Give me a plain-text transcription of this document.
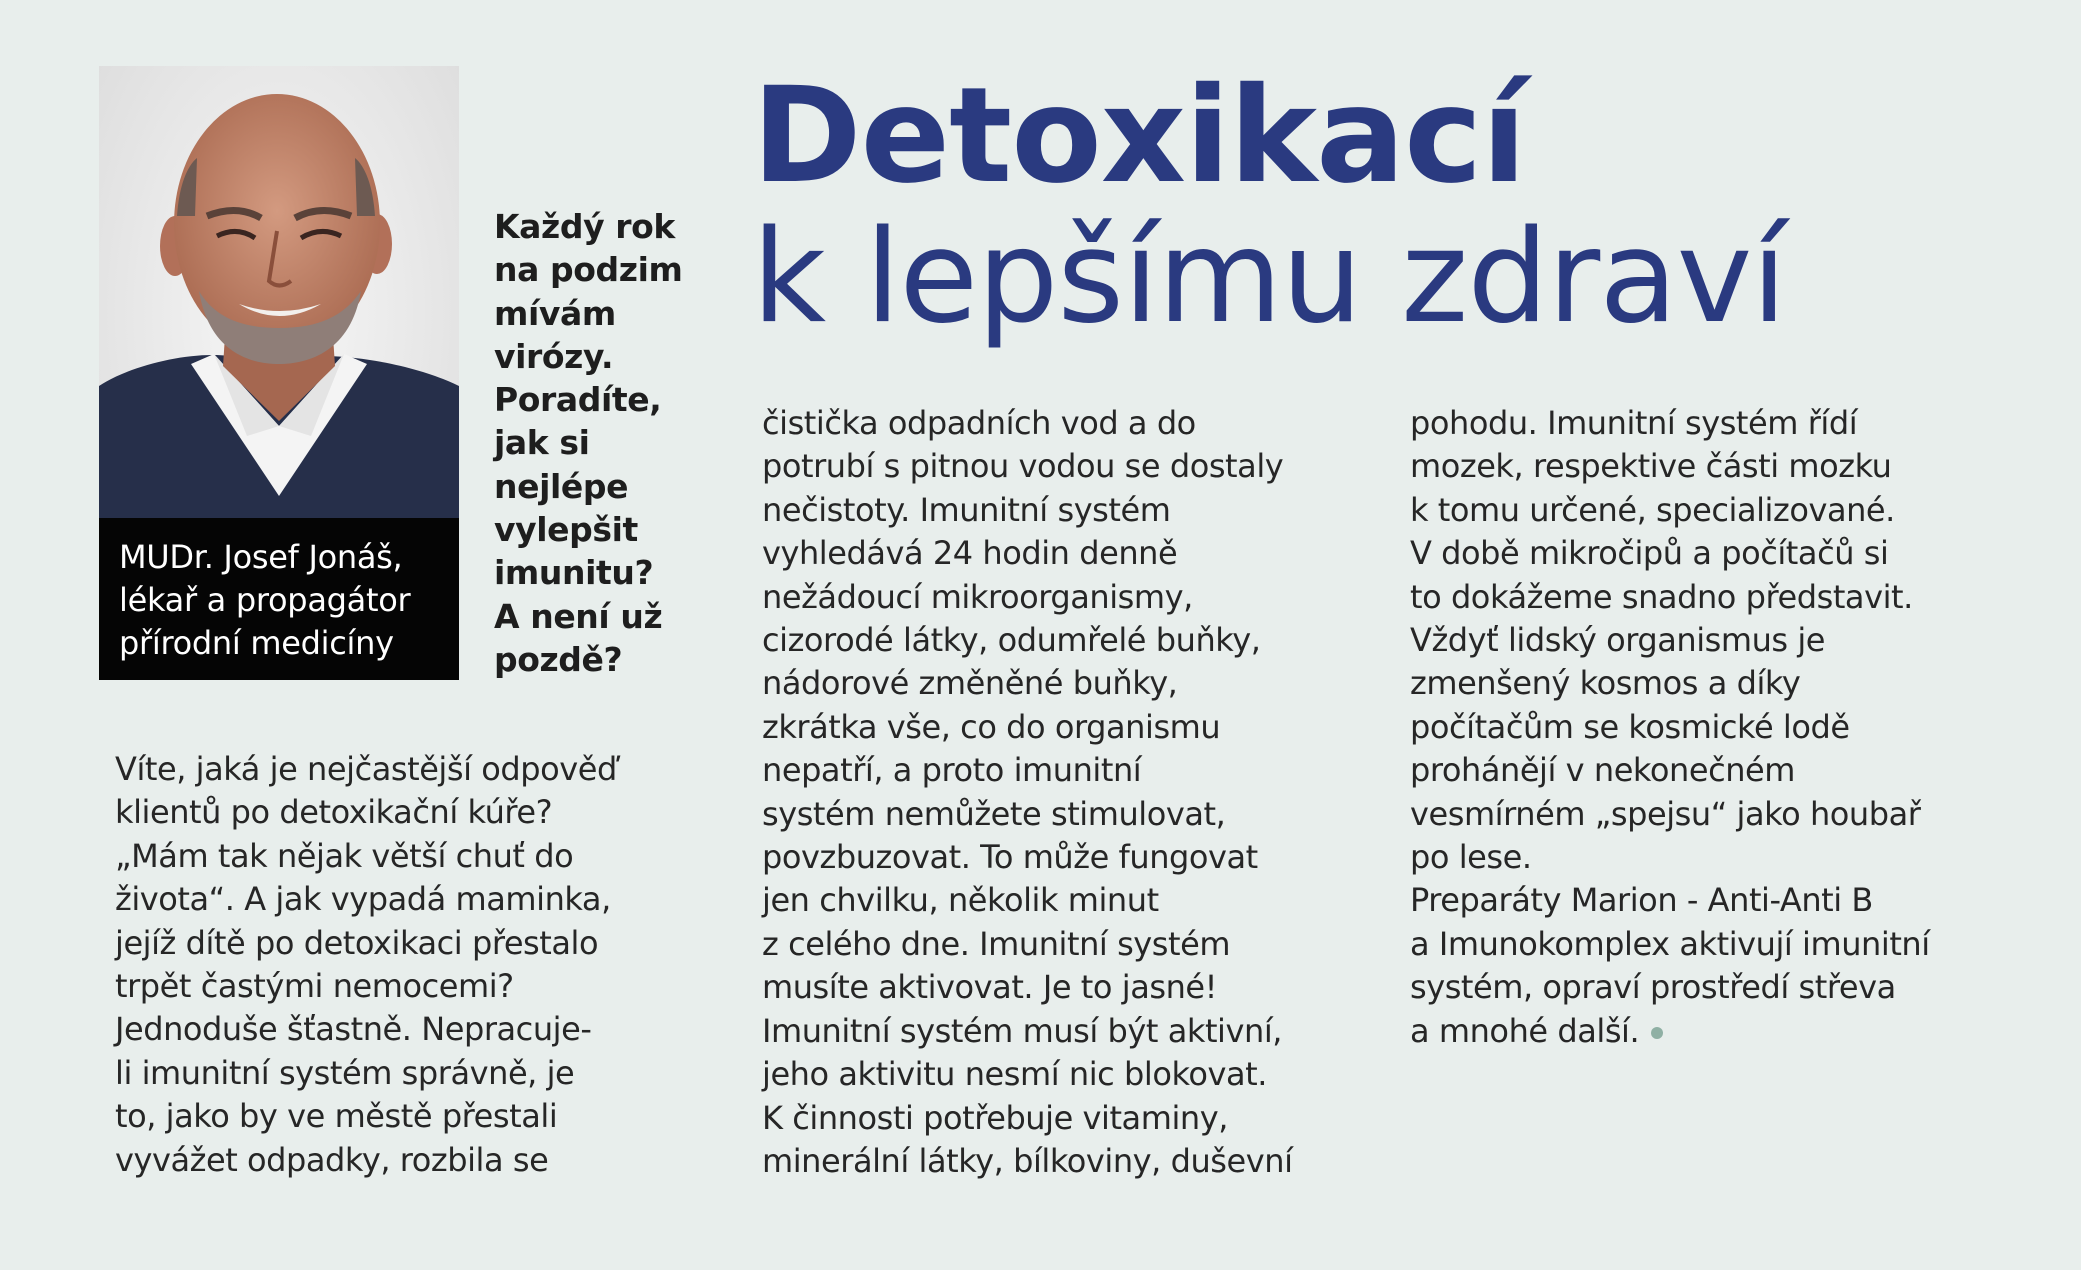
MUDr. Josef Jonáš,
lékař a propagátor
přírodní medicíny
Každý rok
na podzim
mívám
virózy.
Poradíte,
jak si
nejlépe
vylepšit
imunitu?
A není už
pozdě?
Detoxikací
k lepšímu zdraví
Víte, jaká je nejčastější odpověď
klientů po detoxikační kúře?
„Mám tak nějak větší chuť do
života“. A jak vypadá maminka,
jejíž dítě po detoxikaci přestalo
trpět častými nemocemi?
Jednoduše šťastně. Nepracuje-
li imunitní systém správně, je
to, jako by ve městě přestali
vyvážet odpadky, rozbila se
čistička odpadních vod a do
potrubí s pitnou vodou se dostaly
nečistoty. Imunitní systém
vyhledává 24 hodin denně
nežádoucí mikroorganismy,
cizorodé látky, odumřelé buňky,
nádorové změněné buňky,
zkrátka vše, co do organismu
nepatří, a proto imunitní
systém nemůžete stimulovat,
povzbuzovat. To může fungovat
jen chvilku, několik minut
z celého dne. Imunitní systém
musíte aktivovat. Je to jasné!
Imunitní systém musí být aktivní,
jeho aktivitu nesmí nic blokovat.
K činnosti potřebuje vitaminy,
minerální látky, bílkoviny, duševní
pohodu. Imunitní systém řídí
mozek, respektive části mozku
k tomu určené, specializované.
V době mikročipů a počítačů si
to dokážeme snadno představit.
Vždyť lidský organismus je
zmenšený kosmos a díky
počítačům se kosmické lodě
prohánějí v nekonečném
vesmírném „spejsu“ jako houbař
po lese.
Preparáty Marion - Anti-Anti B
a Imunokomplex aktivují imunitní
systém, opraví prostředí střeva
a mnohé další.
